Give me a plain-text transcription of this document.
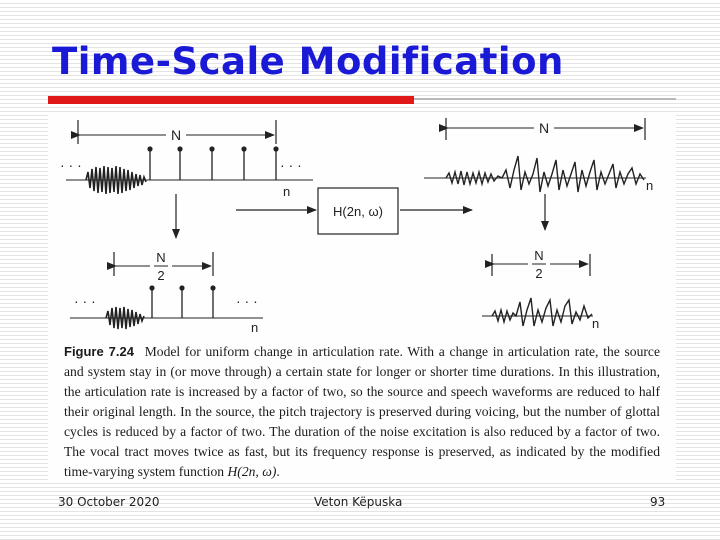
Time-Scale Modification
N
· · ·	· · ·
n
N
2
· · ·	· · ·
n
H(2n, ω)
N
n
N
2
n
Figure 7.24 Model for uniform change in articulation rate. With a change in articulation rate, the source and system stay in (or move through) a certain state for longer or shorter time durations. In this illustration, the articulation rate is increased by a factor of two, so the source and speech waveforms are reduced to half their original length. In the source, the pitch trajectory is preserved during voicing, but the number of glottal cycles is reduced by a factor of two. The duration of the noise excitation is also reduced by a factor of two. The vocal tract moves twice as fast, but its frequency response is preserved, as indicated by the modified time-varying system function H(2n, ω).
30 October 2020	Veton Këpuska	93
